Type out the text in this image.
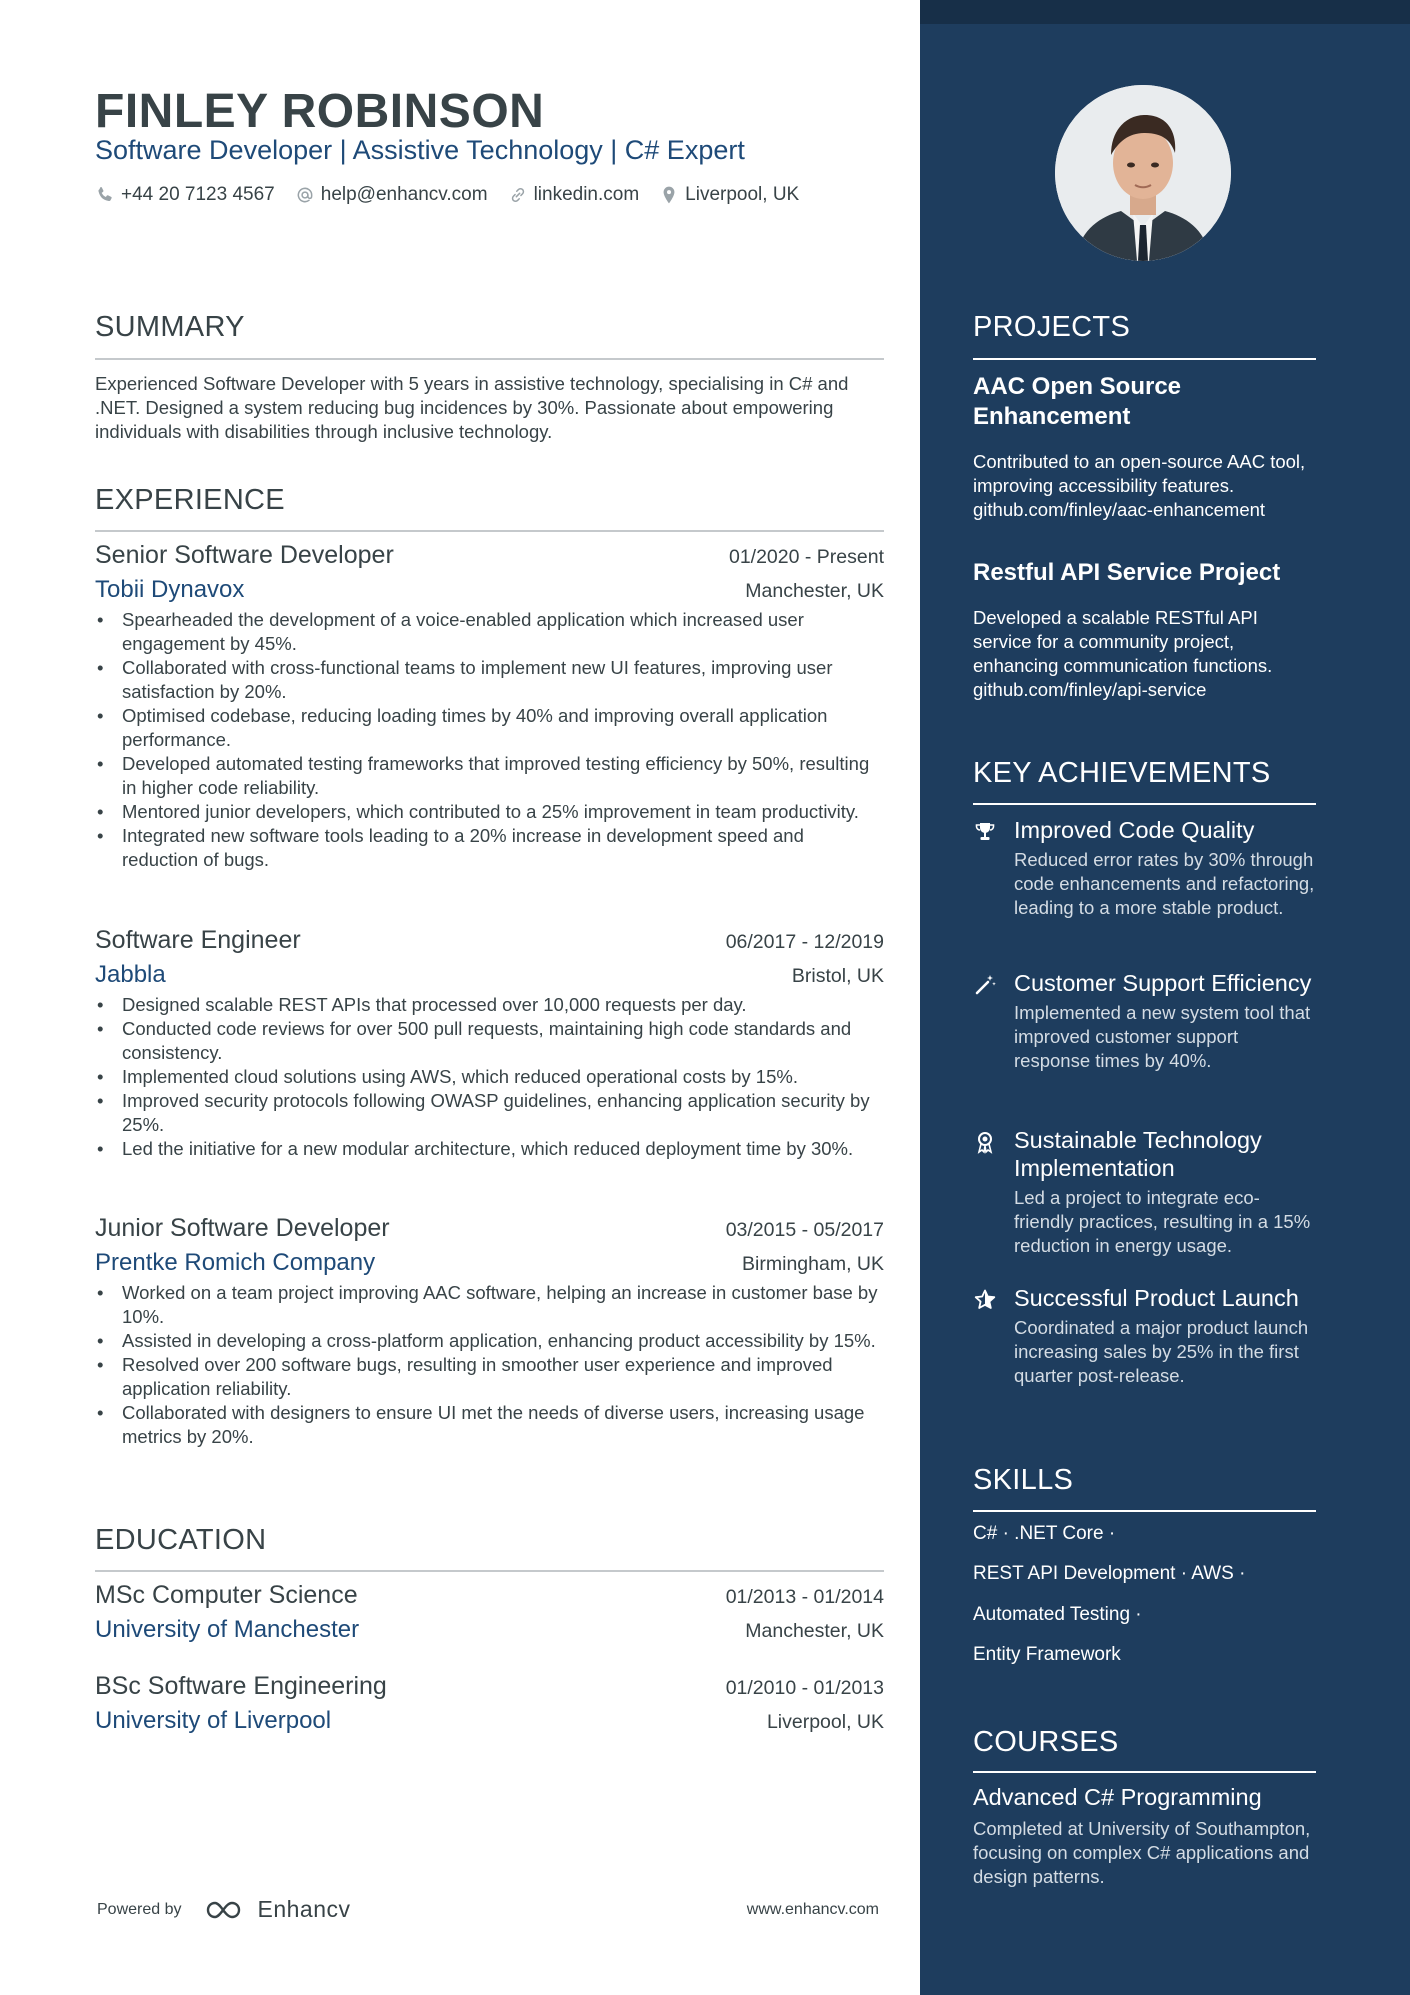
FINLEY ROBINSON
Software Developer | Assistive Technology | C# Expert
+44 20 7123 4567 help@enhancv.com linkedin.com Liverpool, UK
SUMMARY
Experienced Software Developer with 5 years in assistive technology, specialising in C# and .NET. Designed a system reducing bug incidences by 30%. Passionate about empowering individuals with disabilities through inclusive technology.
EXPERIENCE
Senior Software Developer	01/2020 - Present
Tobii Dynavox	Manchester, UK
• Spearheaded the development of a voice-enabled application which increased user engagement by 45%.
• Collaborated with cross-functional teams to implement new UI features, improving user satisfaction by 20%.
• Optimised codebase, reducing loading times by 40% and improving overall application performance.
• Developed automated testing frameworks that improved testing efficiency by 50%, resulting in higher code reliability.
• Mentored junior developers, which contributed to a 25% improvement in team productivity.
• Integrated new software tools leading to a 20% increase in development speed and reduction of bugs.
Software Engineer	06/2017 - 12/2019
Jabbla	Bristol, UK
• Designed scalable REST APIs that processed over 10,000 requests per day.
• Conducted code reviews for over 500 pull requests, maintaining high code standards and consistency.
• Implemented cloud solutions using AWS, which reduced operational costs by 15%.
• Improved security protocols following OWASP guidelines, enhancing application security by 25%.
• Led the initiative for a new modular architecture, which reduced deployment time by 30%.
Junior Software Developer	03/2015 - 05/2017
Prentke Romich Company	Birmingham, UK
• Worked on a team project improving AAC software, helping an increase in customer base by 10%.
• Assisted in developing a cross-platform application, enhancing product accessibility by 15%.
• Resolved over 200 software bugs, resulting in smoother user experience and improved application reliability.
• Collaborated with designers to ensure UI met the needs of diverse users, increasing usage metrics by 20%.
EDUCATION
MSc Computer Science	01/2013 - 01/2014
University of Manchester	Manchester, UK
BSc Software Engineering	01/2010 - 01/2013
University of Liverpool	Liverpool, UK
Powered by	Enhancv	www.enhancv.com
PROJECTS
AAC Open Source Enhancement
Contributed to an open-source AAC tool, improving accessibility features. github.com/finley/aac-enhancement
Restful API Service Project
Developed a scalable RESTful API service for a community project, enhancing communication functions. github.com/finley/api-service
KEY ACHIEVEMENTS
Improved Code Quality
Reduced error rates by 30% through code enhancements and refactoring, leading to a more stable product.
Customer Support Efficiency
Implemented a new system tool that improved customer support response times by 40%.
Sustainable Technology Implementation
Led a project to integrate eco-friendly practices, resulting in a 15% reduction in energy usage.
Successful Product Launch
Coordinated a major product launch increasing sales by 25% in the first quarter post-release.
SKILLS
C# · .NET Core ·
REST API Development · AWS ·
Automated Testing ·
Entity Framework
COURSES
Advanced C# Programming
Completed at University of Southampton, focusing on complex C# applications and design patterns.
